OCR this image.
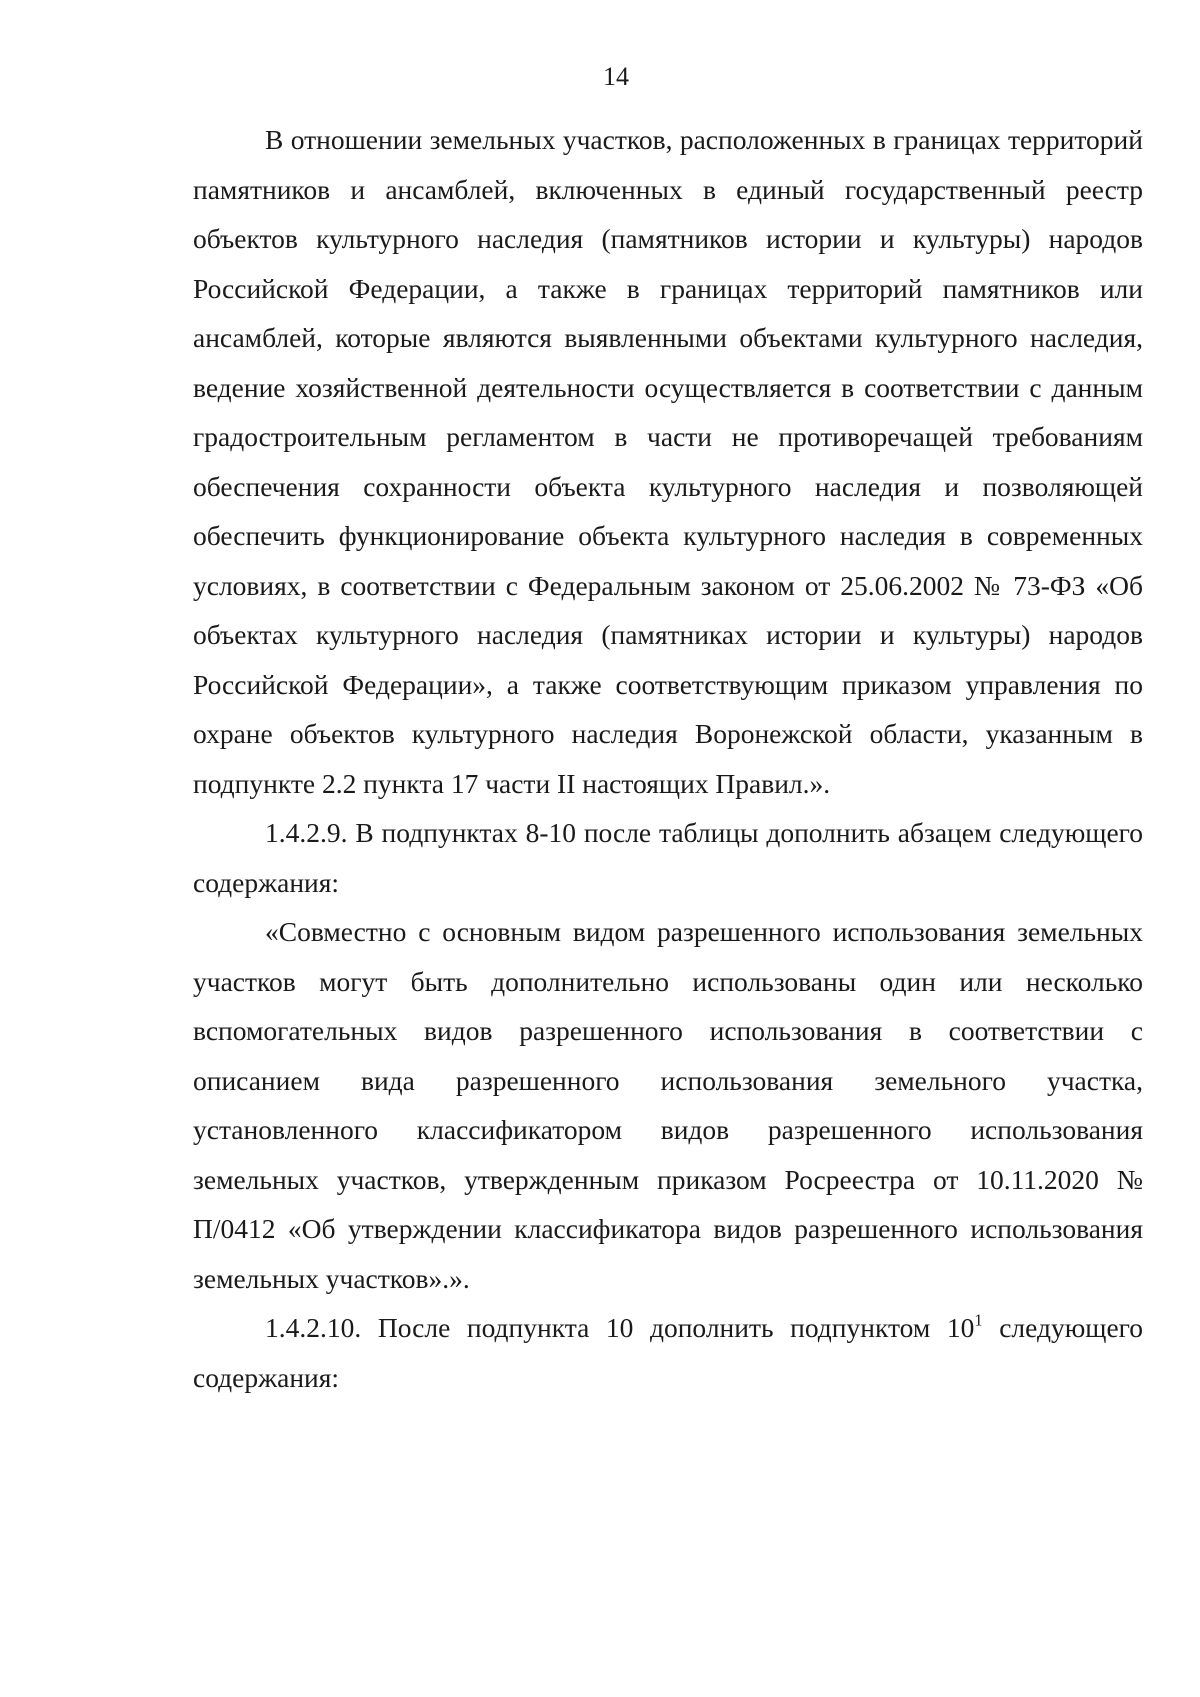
14

В отношении земельных участков, расположенных в границах территорий памятников и ансамблей, включенных в единый государственный реестр объектов культурного наследия (памятников истории и культуры) народов Российской Федерации, а также в границах территорий памятников или ансамблей, которые являются выявленными объектами культурного наследия, ведение хозяйственной деятельности осуществляется в соответствии с данным градостроительным регламентом в части не противоречащей требованиям обеспечения сохранности объекта культурного наследия и позволяющей обеспечить функционирование объекта культурного наследия в современных условиях, в соответствии с Федеральным законом от 25.06.2002 № 73-ФЗ «Об объектах культурного наследия (памятниках истории и культуры) народов Российской Федерации», а также соответствующим приказом управления по охране объектов культурного наследия Воронежской области, указанным в подпункте 2.2 пункта 17 части II настоящих Правил.».

1.4.2.9. В подпунктах 8-10 после таблицы дополнить абзацем следующего содержания:

«Совместно с основным видом разрешенного использования земельных участков могут быть дополнительно использованы один или несколько вспомогательных видов разрешенного использования в соответствии с описанием вида разрешенного использования земельного участка, установленного классификатором видов разрешенного использования земельных участков, утвержденным приказом Росреестра от 10.11.2020 № П/0412 «Об утверждении классификатора видов разрешенного использования земельных участков».».

1.4.2.10. После подпункта 10 дополнить подпунктом $10^1$ следующего содержания:
